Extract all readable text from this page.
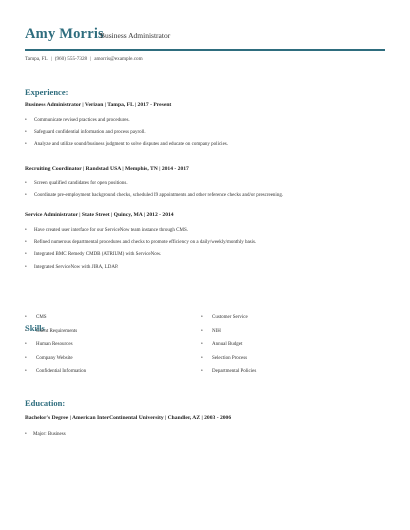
Amy Morris
Business Administrator
Tampa, FL | (960) 555-7328 | amorris@example.com
Experience:
Business Administrator | Verizon | Tampa, FL | 2017 - Present
• Communicate revised practices and procedures.
• Safeguard confidential information and process payroll.
• Analyze and utilize sound/business judgment to solve disputes and educate on company policies.
Recruiting Coordinator | Randstad USA | Memphis, TN | 2014 - 2017
• Screen qualified candidates for open positions.
• Coordinate pre-employment background checks, scheduled I9 appointments and other reference checks and/or prescreening.
Service Administrator | State Street | Quincy, MA | 2012 - 2014
• Have created user interface for our ServiceNow team instance through CMS.
• Refined numerous departmental procedures and checks to promote efficiency on a daily/weekly/monthly basis.
• Integrated BMC Remedy CMDB (ATRIUM) with ServiceNow.
• Integrated ServiceNow with JIRA, LDAP.
Skills
• CMS
• Client Requirements
• Human Resources
• Company Website
• Confidential Information
• Customer Service
• NIH
• Annual Budget
• Selection Process
• Departmental Policies
Education:
Bachelor's Degree | American InterContinental University | Chandler, AZ | 2003 - 2006
• Major: Business
